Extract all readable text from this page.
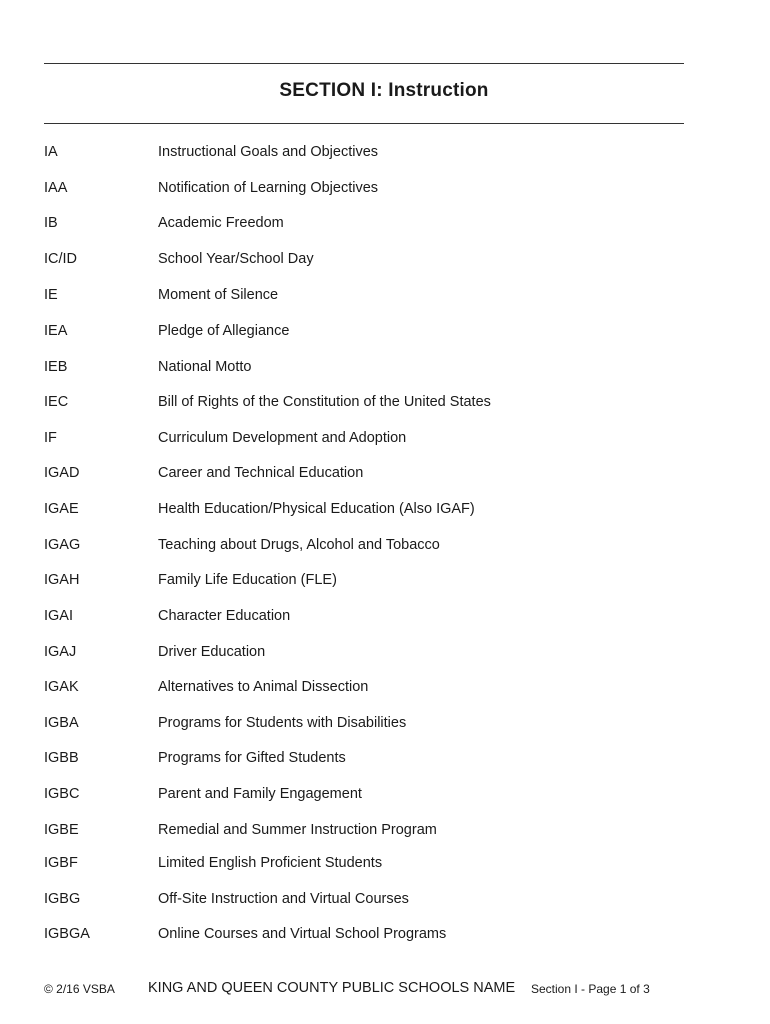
SECTION I: Instruction
IA	Instructional Goals and Objectives
IAA	Notification of Learning Objectives
IB	Academic Freedom
IC/ID	School Year/School Day
IE	Moment of Silence
IEA	Pledge of Allegiance
IEB	National Motto
IEC	Bill of Rights of the Constitution of the United States
IF	Curriculum Development and Adoption
IGAD	Career and Technical Education
IGAE	Health Education/Physical Education (Also IGAF)
IGAG	Teaching about Drugs, Alcohol and Tobacco
IGAH	Family Life Education (FLE)
IGAI	Character Education
IGAJ	Driver Education
IGAK	Alternatives to Animal Dissection
IGBA	Programs for Students with Disabilities
IGBB	Programs for Gifted Students
IGBC	Parent and Family Engagement
IGBE	Remedial and Summer Instruction Program
IGBF	Limited English Proficient Students
IGBG	Off-Site Instruction and Virtual Courses
IGBGA	Online Courses and Virtual School Programs
© 2/16 VSBA KING AND QUEEN COUNTY PUBLIC SCHOOLS NAME Section I - Page 1 of 3
